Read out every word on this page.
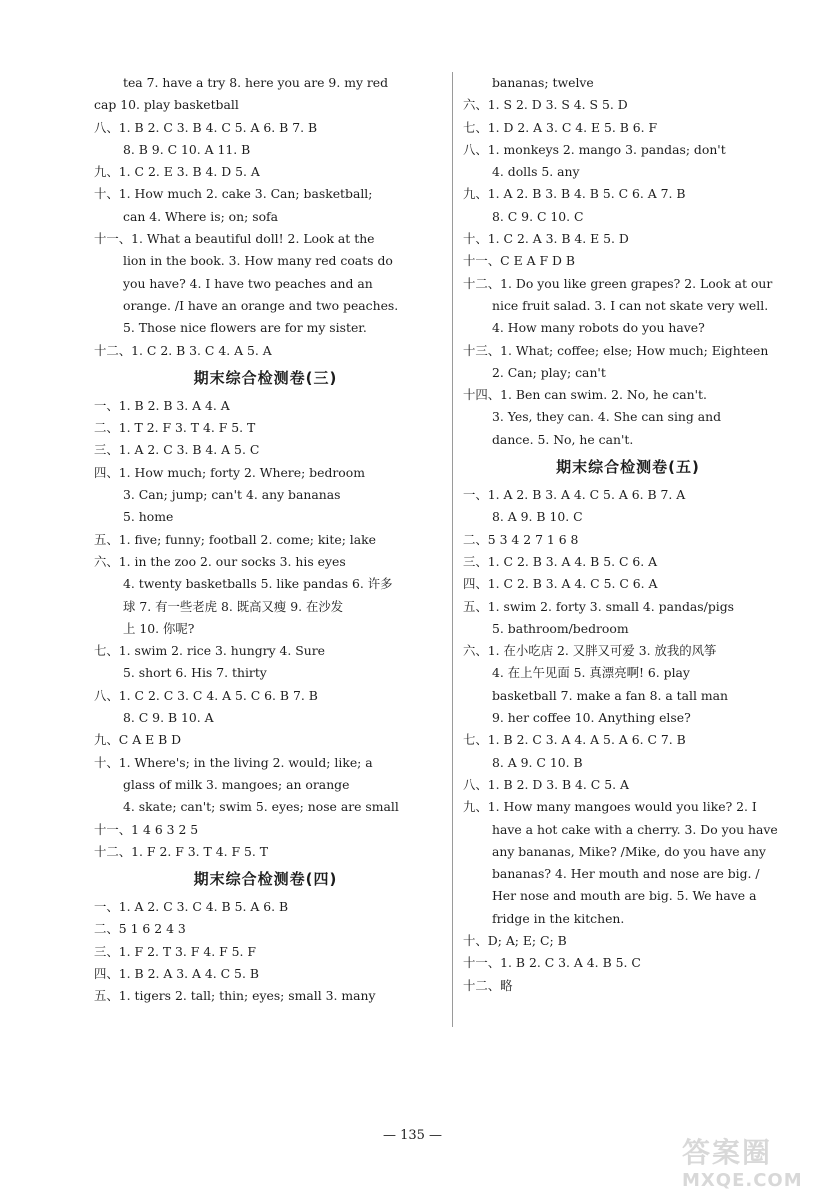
tea 7. have a try 8. here you are 9. my red
cap 10. play basketball
八、1. B 2. C 3. B 4. C 5. A 6. B 7. B
8. B 9. C 10. A 11. B
九、1. C 2. E 3. B 4. D 5. A
十、1. How much 2. cake 3. Can; basketball;
can 4. Where is; on; sofa
十一、1. What a beautiful doll! 2. Look at the
lion in the book. 3. How many red coats do
you have? 4. I have two peaches and an
orange. /I have an orange and two peaches.
5. Those nice flowers are for my sister.
十二、1. C 2. B 3. C 4. A 5. A
期末综合检测卷(三)
一、1. B 2. B 3. A 4. A
二、1. T 2. F 3. T 4. F 5. T
三、1. A 2. C 3. B 4. A 5. C
四、1. How much; forty 2. Where; bedroom
3. Can; jump; can't 4. any bananas
5. home
五、1. five; funny; football 2. come; kite; lake
六、1. in the zoo 2. our socks 3. his eyes
4. twenty basketballs 5. like pandas 6. 许多
球 7. 有一些老虎 8. 既高又瘦 9. 在沙发
上 10. 你呢?
七、1. swim 2. rice 3. hungry 4. Sure
5. short 6. His 7. thirty
八、1. C 2. C 3. C 4. A 5. C 6. B 7. B
8. C 9. B 10. A
九、C A E B D
十、1. Where's; in the living 2. would; like; a
glass of milk 3. mangoes; an orange
4. skate; can't; swim 5. eyes; nose are small
十一、1 4 6 3 2 5
十二、1. F 2. F 3. T 4. F 5. T
期末综合检测卷(四)
一、1. A 2. C 3. C 4. B 5. A 6. B
二、5 1 6 2 4 3
三、1. F 2. T 3. F 4. F 5. F
四、1. B 2. A 3. A 4. C 5. B
五、1. tigers 2. tall; thin; eyes; small 3. many
bananas; twelve
六、1. S 2. D 3. S 4. S 5. D
七、1. D 2. A 3. C 4. E 5. B 6. F
八、1. monkeys 2. mango 3. pandas; don't
4. dolls 5. any
九、1. A 2. B 3. B 4. B 5. C 6. A 7. B
8. C 9. C 10. C
十、1. C 2. A 3. B 4. E 5. D
十一、C E A F D B
十二、1. Do you like green grapes? 2. Look at our
nice fruit salad. 3. I can not skate very well.
4. How many robots do you have?
十三、1. What; coffee; else; How much; Eighteen
2. Can; play; can't
十四、1. Ben can swim. 2. No, he can't.
3. Yes, they can. 4. She can sing and
dance. 5. No, he can't.
期末综合检测卷(五)
一、1. A 2. B 3. A 4. C 5. A 6. B 7. A
8. A 9. B 10. C
二、5 3 4 2 7 1 6 8
三、1. C 2. B 3. A 4. B 5. C 6. A
四、1. C 2. B 3. A 4. C 5. C 6. A
五、1. swim 2. forty 3. small 4. pandas/pigs
5. bathroom/bedroom
六、1. 在小吃店 2. 又胖又可爱 3. 放我的风筝
4. 在上午见面 5. 真漂亮啊! 6. play
basketball 7. make a fan 8. a tall man
9. her coffee 10. Anything else?
七、1. B 2. C 3. A 4. A 5. A 6. C 7. B
8. A 9. C 10. B
八、1. B 2. D 3. B 4. C 5. A
九、1. How many mangoes would you like? 2. I
have a hot cake with a cherry. 3. Do you have
any bananas, Mike? /Mike, do you have any
bananas? 4. Her mouth and nose are big. /
Her nose and mouth are big. 5. We have a
fridge in the kitchen.
十、D; A; E; C; B
十一、1. B 2. C 3. A 4. B 5. C
十二、略
— 135 —
答案圈
MXQE.COM
